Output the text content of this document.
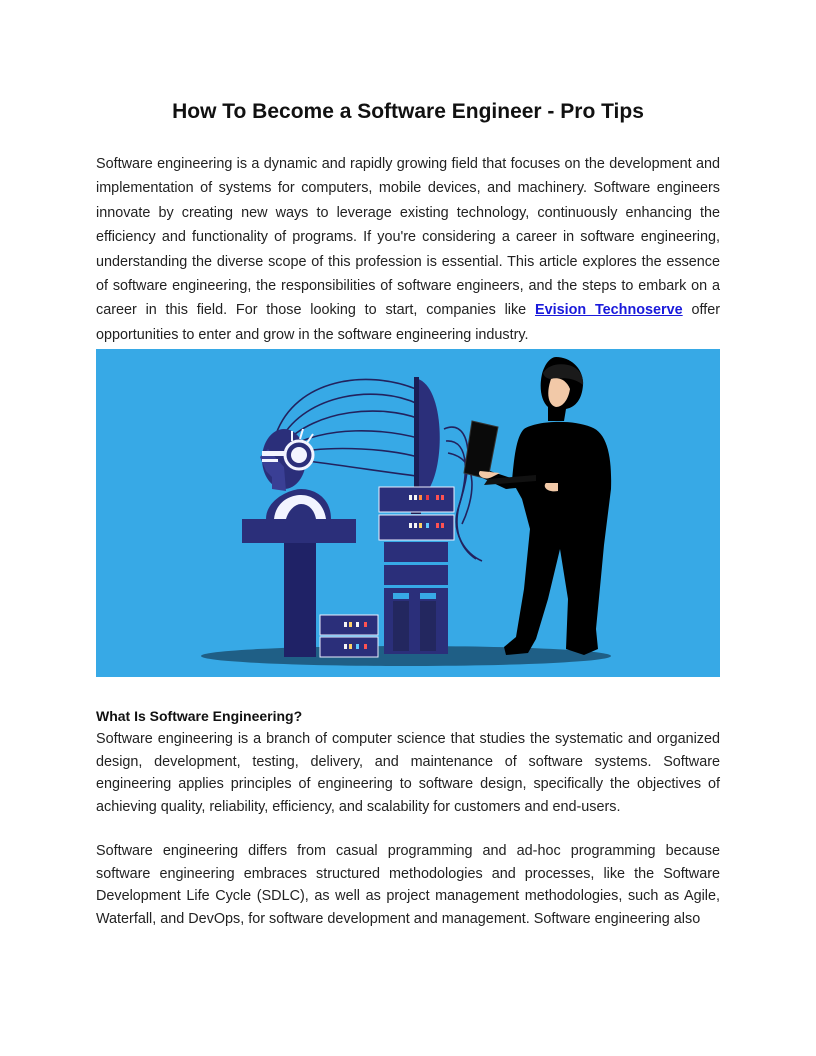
How To Become a Software Engineer - Pro Tips

Software engineering is a dynamic and rapidly growing field that focuses on the development and implementation of systems for computers, mobile devices, and machinery. Software engineers innovate by creating new ways to leverage existing technology, continuously enhancing the efficiency and functionality of programs. If you're considering a career in software engineering, understanding the diverse scope of this profession is essential. This article explores the essence of software engineering, the responsibilities of software engineers, and the steps to embark on a career in this field. For those looking to start, companies like Evision Technoserve offer opportunities to enter and grow in the software engineering industry.

What Is Software Engineering?

Software engineering is a branch of computer science that studies the systematic and organized design, development, testing, delivery, and maintenance of software systems. Software engineering applies principles of engineering to software design, specifically the objectives of achieving quality, reliability, efficiency, and scalability for customers and end-users.

Software engineering differs from casual programming and ad-hoc programming because software engineering embraces structured methodologies and processes, like the Software Development Life Cycle (SDLC), as well as project management methodologies, such as Agile, Waterfall, and DevOps, for software development and management. Software engineering also
